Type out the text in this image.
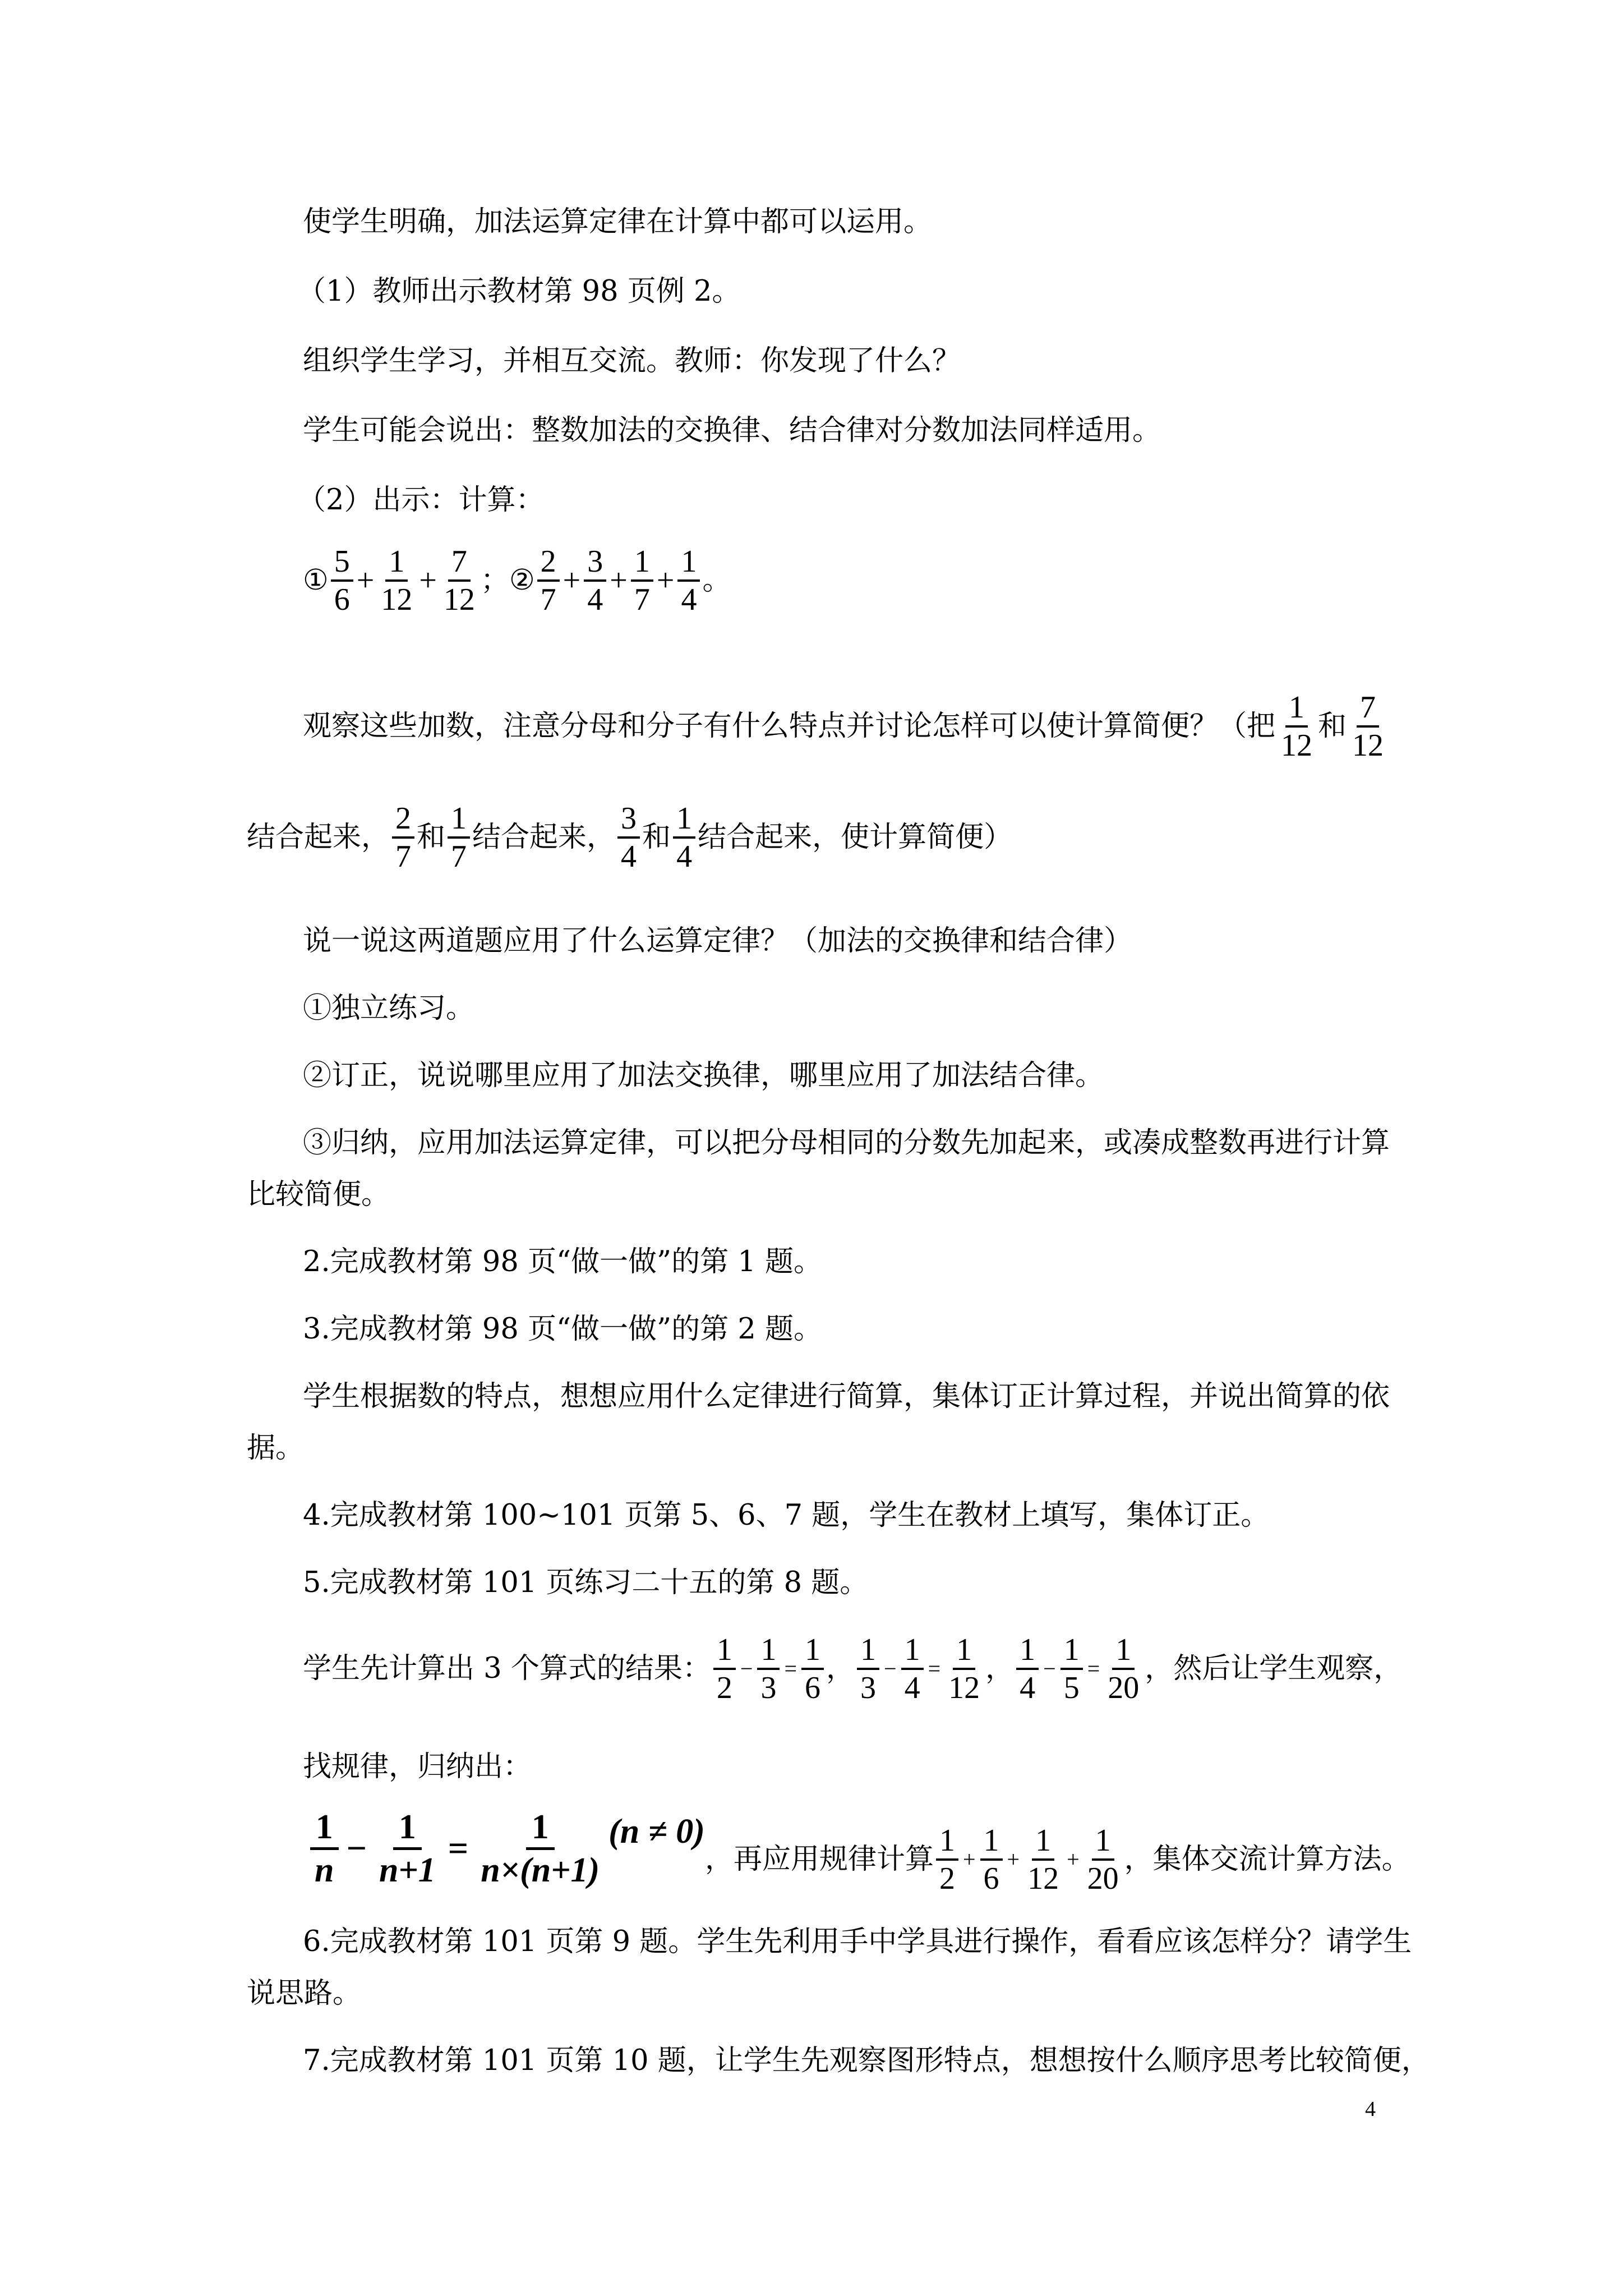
使学生明确，加法运算定律在计算中都可以运用。
（1）教师出示教材第 98 页例 2。
组织学生学习，并相互交流。教师：你发现了什么？
学生可能会说出：整数加法的交换律、结合律对分数加法同样适用。
（2）出示：计算：
① $\frac{5}{6} + \frac{1}{12} + \frac{7}{12}$ ； ② $\frac{2}{7} + \frac{3}{4} + \frac{1}{7} + \frac{1}{4}$ 。
观察这些加数，注意分母和分子有什么特点并讨论怎样可以使计算简便？（把 $\frac{1}{12}$ 和 $\frac{7}{12}$
结合起来， $\frac{2}{7}$ 和 $\frac{1}{7}$ 结合起来， $\frac{3}{4}$ 和 $\frac{1}{4}$ 结合起来，使计算简便）
说一说这两道题应用了什么运算定律？（加法的交换律和结合律）
①独立练习。
②订正，说说哪里应用了加法交换律，哪里应用了加法结合律。
③归纳，应用加法运算定律，可以把分母相同的分数先加起来，或凑成整数再进行计算
比较简便。
2.完成教材第 98 页“做一做”的第 1 题。
3.完成教材第 98 页“做一做”的第 2 题。
学生根据数的特点，想想应用什么定律进行简算，集体订正计算过程，并说出简算的依
据。
4.完成教材第 100~101 页第 5、6、7 题，学生在教材上填写，集体订正。
5.完成教材第 101 页练习二十五的第 8 题。
学生先计算出 3 个算式的结果： $\frac{1}{2} - \frac{1}{3} = \frac{1}{6}$ ， $\frac{1}{3} - \frac{1}{4} = \frac{1}{12}$ ， $\frac{1}{4} - \frac{1}{5} = \frac{1}{20}$ ，然后让学生观察，
找规律，归纳出：
$\frac{1}{n} - \frac{1}{n+1} = \frac{1}{n\times(n+1)} (n \ne 0)$
，再应用规律计算 $\frac{1}{2} + \frac{1}{6} + \frac{1}{12} + \frac{1}{20}$ ，集体交流计算方法。
6.完成教材第 101 页第 9 题。学生先利用手中学具进行操作，看看应该怎样分？请学生
说思路。
7.完成教材第 101 页第 10 题，让学生先观察图形特点，想想按什么顺序思考比较简便，
4
